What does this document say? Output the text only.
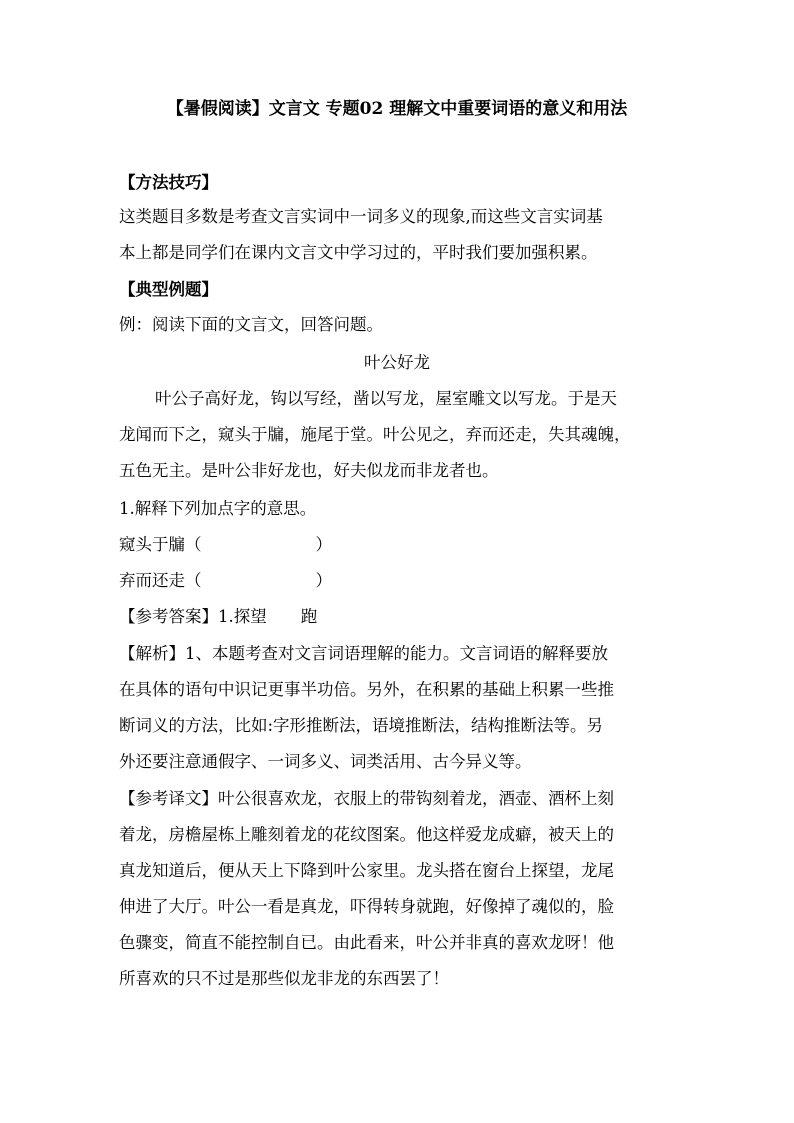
【暑假阅读】文言文 专题02 理解文中重要词语的意义和用法
【方法技巧】
这类题目多数是考查文言实词中一词多义的现象,而这些文言实词基
本上都是同学们在课内文言文中学习过的，平时我们要加强积累。
【典型例题】
例：阅读下面的文言文，回答问题。
叶公好龙
叶公子高好龙，钩以写经，凿以写龙，屋室雕文以写龙。于是天
龙闻而下之，窥头于牖，施尾于堂。叶公见之，弃而还走，失其魂魄，
五色无主。是叶公非好龙也，好夫似龙而非龙者也。
1.解释下列加点字的意思。
窥头于牖（	）
弃而还走（	）
【参考答案】1.探望 跑
【解析】1、本题考查对文言词语理解的能力。文言词语的解释要放
在具体的语句中识记更事半功倍。另外，在积累的基础上积累一些推
断词义的方法，比如:字形推断法，语境推断法，结构推断法等。另
外还要注意通假字、一词多义、词类活用、古今异义等。
【参考译文】叶公很喜欢龙，衣服上的带钩刻着龙，酒壶、酒杯上刻
着龙，房檐屋栋上雕刻着龙的花纹图案。他这样爱龙成癖，被天上的
真龙知道后，便从天上下降到叶公家里。龙头搭在窗台上探望，龙尾
伸进了大厅。叶公一看是真龙，吓得转身就跑，好像掉了魂似的，脸
色骤变，简直不能控制自已。由此看来，叶公并非真的喜欢龙呀！他
所喜欢的只不过是那些似龙非龙的东西罢了！
